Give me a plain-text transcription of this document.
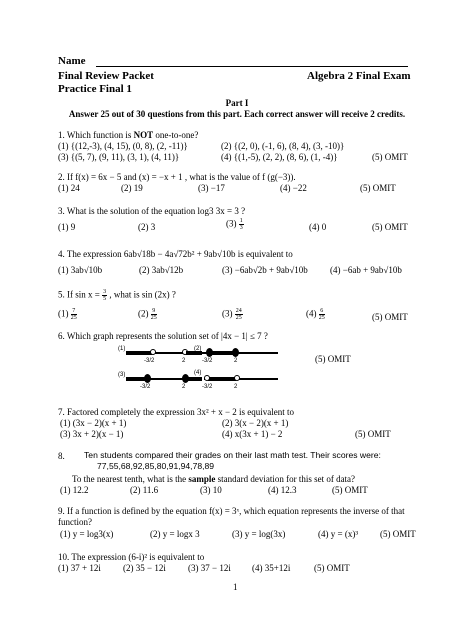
Name
Final Review Packet	Algebra 2 Final Exam
Practice Final 1
Part I
Answer 25 out of 30 questions from this part. Each correct answer will receive 2 credits.
1. Which function is NOT one-to-one?
(1) {(12,-3), (4, 15), (0, 8), (2, -11)}	(2) {(2, 0), (-1, 6), (8, 4), (3, -10)}
(3) {(5, 7), (9, 11), (3, 1), (4, 11)}	(4) {(1,-5), (2, 2), (8, 6), (1, -4)}	(5) OMIT
2. If f(x) = 6x − 5 and (x) = −x + 1 , what is the value of f (g(−3)).
(1) 24	(2) 19	(3) −17	(4) −22	(5) OMIT
3. What is the solution of the equation log3 3x = 3 ?
(1) 9	(2) 3	$(3) \frac{1}{3}$	(4) 0	(5) OMIT
4. The expression 6ab√18b − 4a√72b² + 9ab√10b is equivalent to
(1) 3ab√10b	(2) 3ab√12b	(3) −6ab√2b + 9ab√10b (4) −6ab + 9ab√10b
5. If $\sin x = \frac{3}{5}$ , what is sin (2x) ?
$(1) \frac{7}{25}$	$(2) \frac{9}{25}$	$(3) \frac{24}{25}$	$(4) \frac{6}{25}$	(5) OMIT
6. Which graph represents the solution set of |4x − 1| ≤ 7 ?
(1)
-3/2	2
(2)
-3/2	2	(5) OMIT
(3)
-3/2	2
(4)
-3/2	2
7. Factored completely the expression 3x² + x − 2 is equivalent to
(1) (3x − 2)(x + 1)	(2) 3(x − 2)(x + 1)
(3) 3x + 2)(x − 1)	(4) x(3x + 1) − 2	(5) OMIT
8. Ten students compared their grades on their last math test. Their scores were:
77,55,68,92,85,80,91,94,78,89
To the nearest tenth, what is the sample standard deviation for this set of data?
(1) 12.2	(2) 11.6	(3) 10	(4) 12.3	(5) OMIT
9. If a function is defined by the equation f(x) = 3ˣ, which equation represents the inverse of that
function?
(1) y = log3(x)	(2) y = logx 3	(3) y = log(3x)	(4) y = (x)³ (5) OMIT
10. The expression (6-i)² is equivalent to
(1) 37 + 12i (2) 35 − 12i (3) 37 − 12i (4) 35+12i	(5) OMIT
1
